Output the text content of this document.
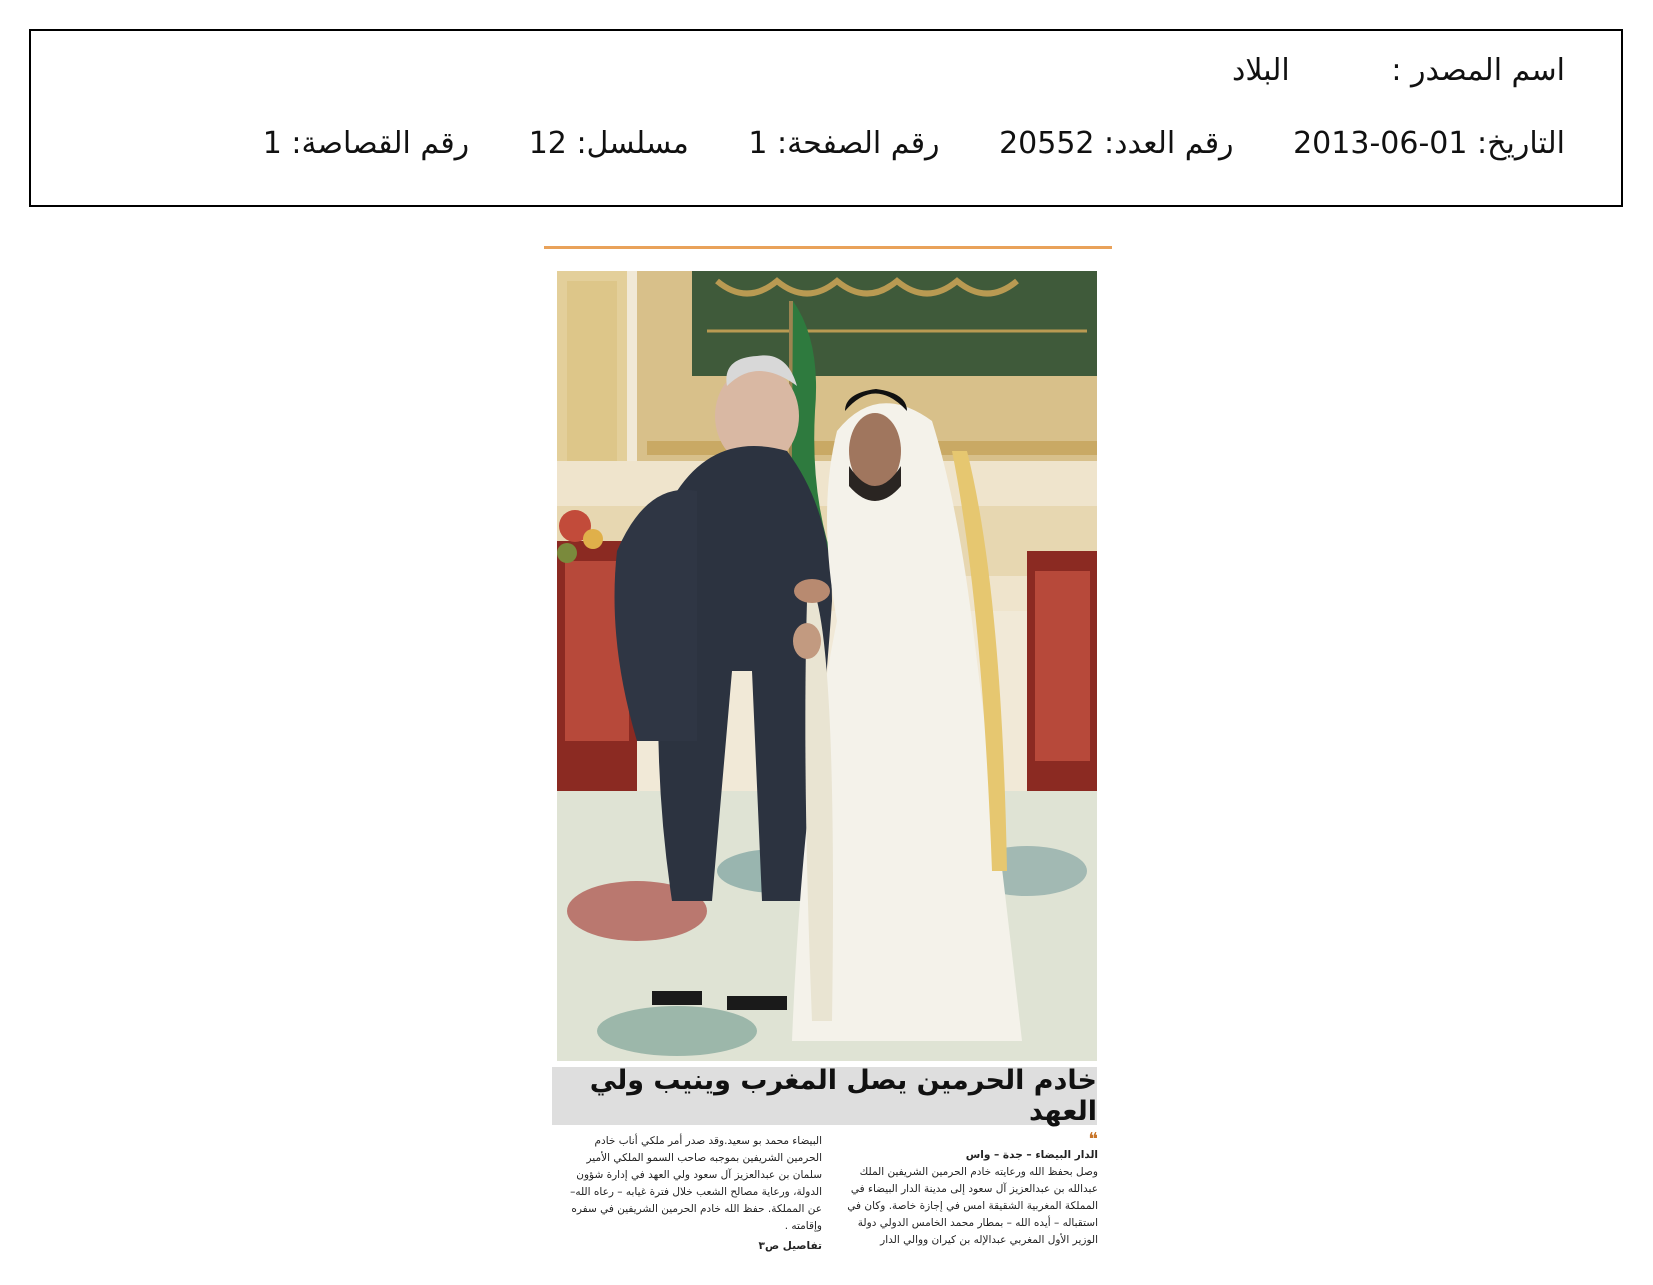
اسم المصدر : البلاد
التاريخ: 01-06-2013 رقم العدد: 20552 رقم الصفحة: 1 مسلسل: 12 رقم القصاصة: 1
خادم الحرمين يصل المغرب وينيب ولي العهد
❝
الدار البيضاء – جدة – واس
وصل بحفظ الله ورعايته خادم الحرمين الشريفين الملك عبدالله بن عبدالعزيز آل سعود إلى مدينة الدار البيضاء في المملكة المغربية الشقيقة امس في إجازة خاصة. وكان في استقباله – أيده الله – بمطار محمد الخامس الدولي دولة الوزير الأول المغربي عبدالإله بن كيران ووالي الدار
البيضاء محمد بو سعيد.وقد صدر أمر ملكي أناب خادم الحرمين الشريفين بموجبه صاحب السمو الملكي الأمير سلمان بن عبدالعزيز آل سعود ولي العهد في إدارة شؤون الدولة، ورعاية مصالح الشعب خلال فترة غيابه – رعاه الله– عن المملكة. حفظ الله خادم الحرمين الشريفين في سفره وإقامته .
تفاصيل ص٣
